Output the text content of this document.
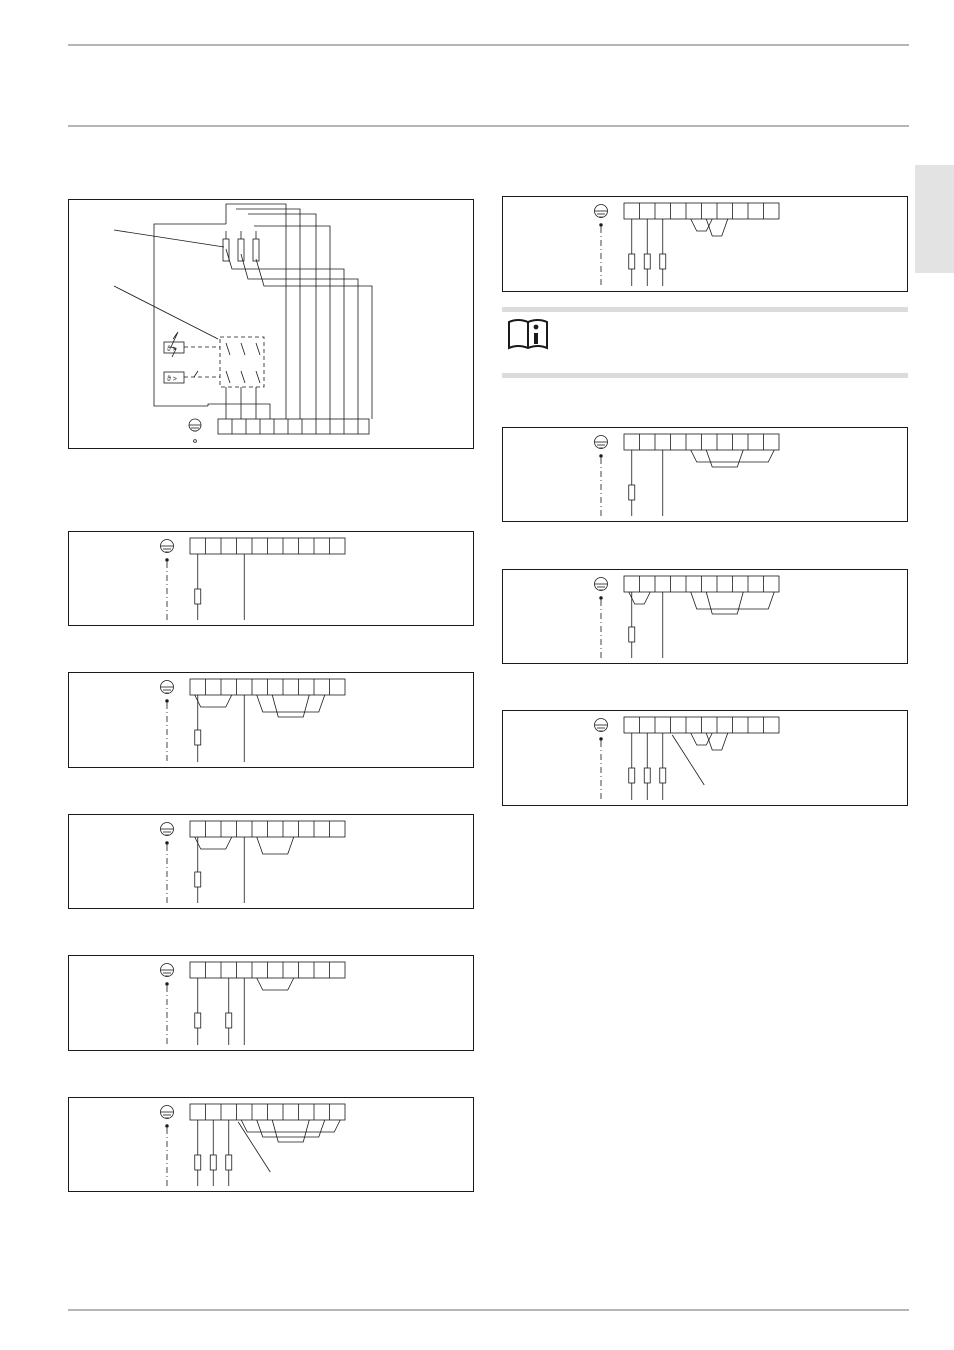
ϑ >
ϑ >
